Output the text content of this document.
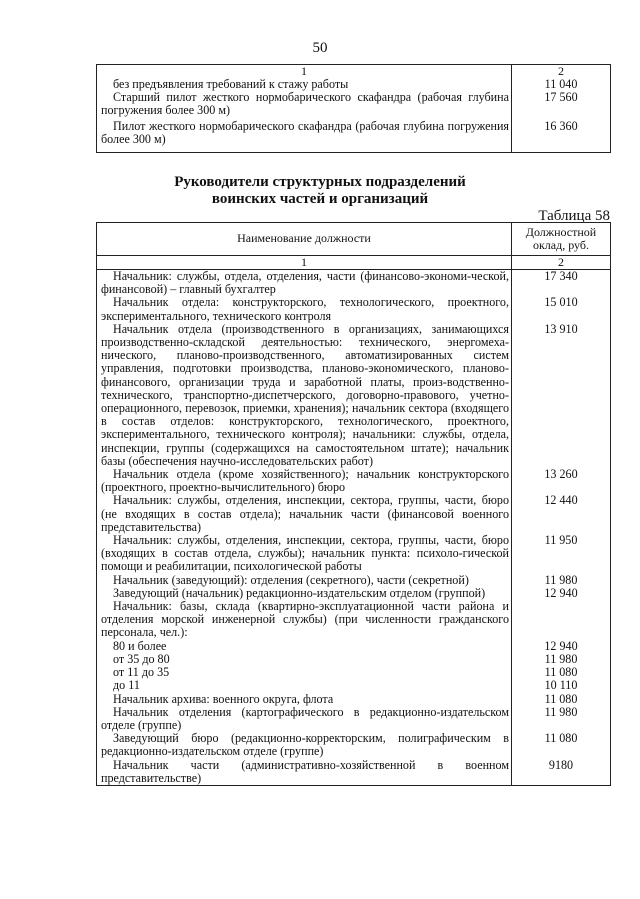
50
1	2
без предъявления требований к стажу работы	11 040
Старший пилот жесткого нормобарического скафандра (рабочая глубина погружения более 300 м)	17 560
Пилот жесткого нормобарического скафандра (рабочая глубина погружения более 300 м)	16 360
Руководители структурных подразделений
воинских частей и организаций
Таблица 58
Наименование должности	Должностной оклад, руб.
1	2
Начальник: службы, отдела, отделения, части (финансово-экономи-ческой, финансовой) – главный бухгалтер	17 340
Начальник отдела: конструкторского, технологического, проектного, экспериментального, технического контроля	15 010
Начальник отдела (производственного в организациях, занимающихся производственно-складской деятельностью: технического, энергомеха-нического, планово-производственного, автоматизированных систем управления, подготовки производства, планово-экономического, планово-финансового, организации труда и заработной платы, произ-водственно-технического, транспортно-диспетчерского, договорно-правового, учетно-операционного, перевозок, приемки, хранения); начальник сектора (входящего в состав отделов: конструкторского, технологического, проектного, экспериментального, технического контроля); начальники: службы, отдела, инспекции, группы (содержащихся на самостоятельном штате); начальник базы (обеспечения научно-исследовательских работ)	13 910
Начальник отдела (кроме хозяйственного); начальник конструкторского (проектного, проектно-вычислительного) бюро	13 260
Начальник: службы, отделения, инспекции, сектора, группы, части, бюро (не входящих в состав отдела); начальник части (финансовой военного представительства)	12 440
Начальник: службы, отделения, инспекции, сектора, группы, части, бюро (входящих в состав отдела, службы); начальник пункта: психоло-гической помощи и реабилитации, психологической работы	11 950
Начальник (заведующий): отделения (секретного), части (секретной)	11 980
Заведующий (начальник) редакционно-издательским отделом (группой)	12 940
Начальник: базы, склада (квартирно-эксплуатационной части района и отделения морской инженерной службы) (при численности гражданского персонала, чел.):	
80 и более	12 940
от 35 до 80	11 980
от 11 до 35	11 080
до 11	10 110
Начальник архива: военного округа, флота	11 080
Начальник отделения (картографического в редакционно-издательском отделе (группе)	11 980
Заведующий бюро (редакционно-корректорским, полиграфическим в редакционно-издательском отделе (группе)	11 080
Начальник части (административно-хозяйственной в военном представительстве)	9180
